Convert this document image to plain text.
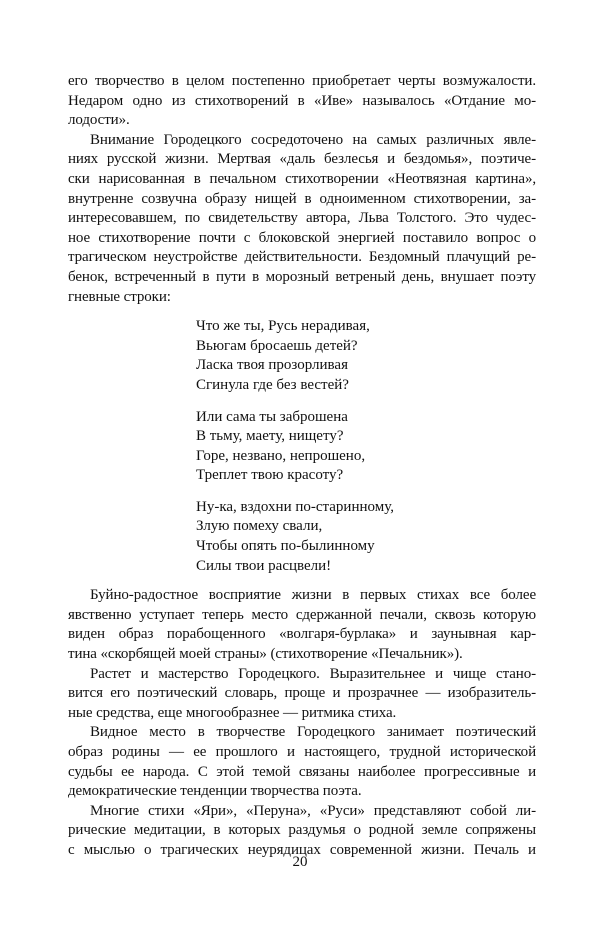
его творчество в целом постепенно приобретает черты возмужалости.
Недаром одно из стихотворений в «Иве» называлось «Отдание мо-
лодости».
Внимание Городецкого сосредоточено на самых различных явле-
ниях русской жизни. Мертвая «даль безлесья и бездомья», поэтиче-
ски нарисованная в печальном стихотворении «Неотвязная картина»,
внутренне созвучна образу нищей в одноименном стихотворении, за-
интересовавшем, по свидетельству автора, Льва Толстого. Это чудес-
ное стихотворение почти с блоковской энергией поставило вопрос о
трагическом неустройстве действительности. Бездомный плачущий ре-
бенок, встреченный в пути в морозный ветреный день, внушает поэту
гневные строки:
Что же ты, Русь нерадивая,
Вьюгам бросаешь детей?
Ласка твоя прозорливая
Сгинула где без вестей?
Или сама ты заброшена
В тьму, маету, нищету?
Горе, незвано, непрошено,
Треплет твою красоту?
Ну-ка, вздохни по-старинному,
Злую помеху свали,
Чтобы опять по-былинному
Силы твои расцвели!
Буйно-радостное восприятие жизни в первых стихах все более
явственно уступает теперь место сдержанной печали, сквозь которую
виден образ порабощенного «волгаря-бурлака» и заунывная кар-
тина «скорбящей моей страны» (стихотворение «Печальник»).
Растет и мастерство Городецкого. Выразительнее и чище стано-
вится его поэтический словарь, проще и прозрачнее — изобразитель-
ные средства, еще многообразнее — ритмика стиха.
Видное место в творчестве Городецкого занимает поэтический
образ родины — ее прошлого и настоящего, трудной исторической
судьбы ее народа. С этой темой связаны наиболее прогрессивные и
демократические тенденции творчества поэта.
Многие стихи «Яри», «Перуна», «Руси» представляют собой ли-
рические медитации, в которых раздумья о родной земле сопряжены
с мыслью о трагических неурядицах современной жизни. Печаль и
20
